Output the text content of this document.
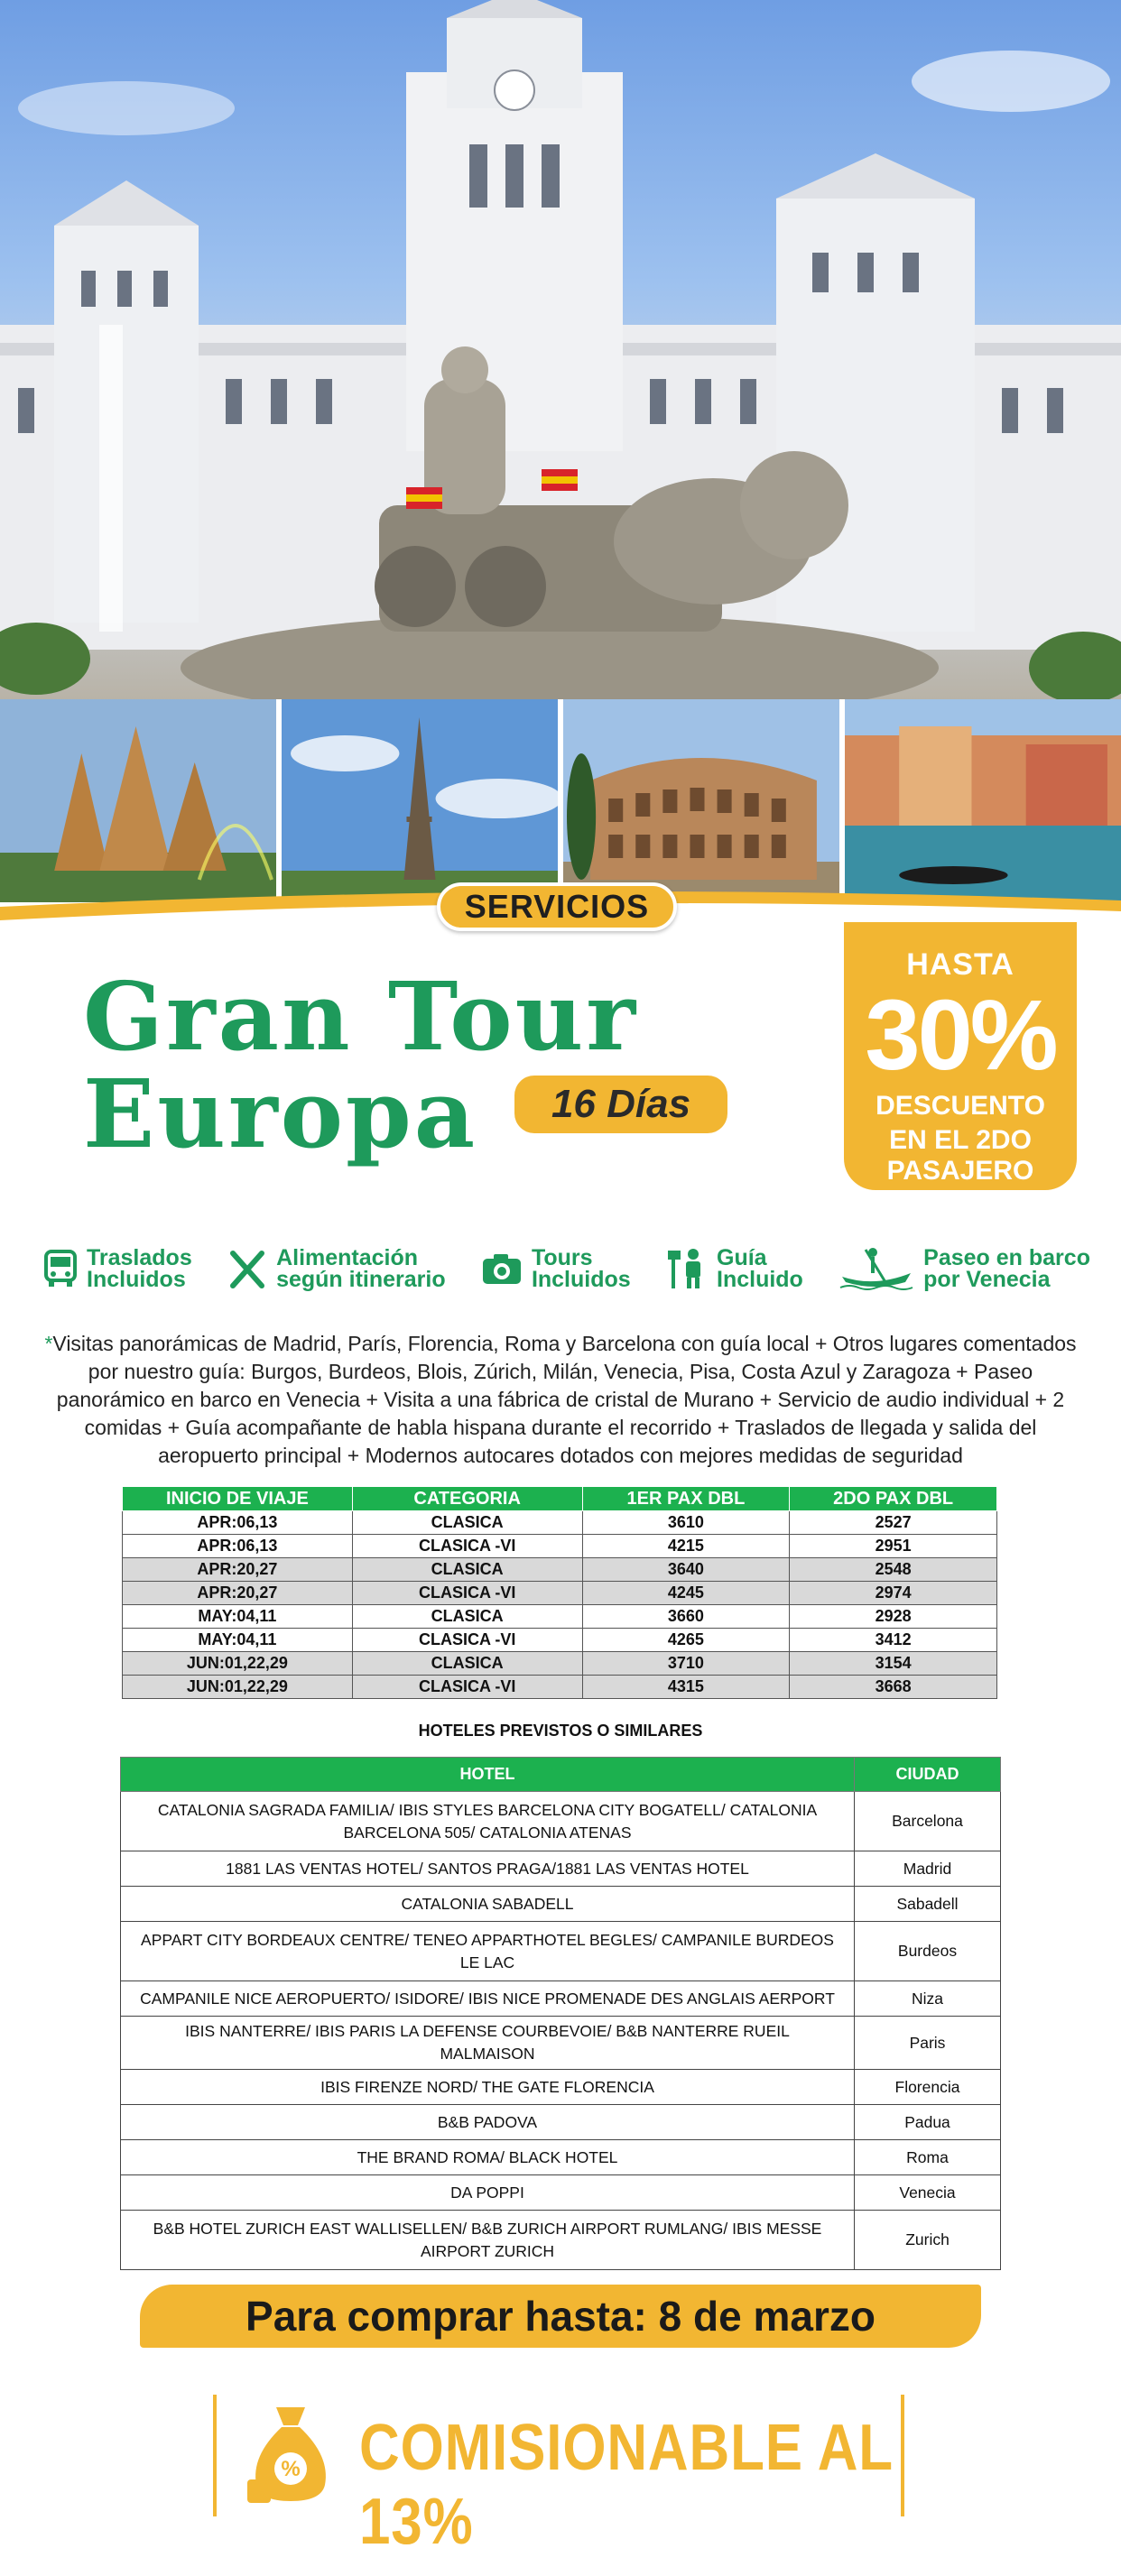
SERVICIOS
Gran Tour
Europa	16 Días
HASTA
30%
DESCUENTO
EN EL 2DO PASAJERO
Traslados
Incluidos
Alimentación
según itinerario
Tours
Incluidos
Guía
Incluido
Paseo en barco
por Venecia

*Visitas panorámicas de Madrid, París, Florencia, Roma y Barcelona con guía local + Otros lugares comentados por nuestro guía: Burgos, Burdeos, Blois, Zúrich, Milán, Venecia, Pisa, Costa Azul y Zaragoza + Paseo panorámico en barco en Venecia + Visita a una fábrica de cristal de Murano + Servicio de audio individual + 2 comidas + Guía acompañante de habla hispana durante el recorrido + Traslados de llegada y salida del aeropuerto principal + Modernos autocares dotados con mejores medidas de seguridad

INICIO DE VIAJE	CATEGORIA	1ER PAX DBL	2DO PAX DBL
APR:06,13	CLASICA	3610	2527
APR:06,13	CLASICA -VI	4215	2951
APR:20,27	CLASICA	3640	2548
APR:20,27	CLASICA -VI	4245	2974
MAY:04,11	CLASICA	3660	2928
MAY:04,11	CLASICA -VI	4265	3412
JUN:01,22,29	CLASICA	3710	3154
JUN:01,22,29	CLASICA -VI	4315	3668
HOTELES PREVISTOS O SIMILARES
HOTEL	CIUDAD
CATALONIA SAGRADA FAMILIA/ IBIS STYLES BARCELONA CITY BOGATELL/ CATALONIA BARCELONA 505/ CATALONIA ATENAS	Barcelona
1881 LAS VENTAS HOTEL/ SANTOS PRAGA/1881 LAS VENTAS HOTEL	Madrid
CATALONIA SABADELL	Sabadell
APPART CITY BORDEAUX CENTRE/ TENEO APPARTHOTEL BEGLES/ CAMPANILE BURDEOS LE LAC	Burdeos
CAMPANILE NICE AEROPUERTO/ ISIDORE/ IBIS NICE PROMENADE DES ANGLAIS AERPORT	Niza
IBIS NANTERRE/ IBIS PARIS LA DEFENSE COURBEVOIE/ B&B NANTERRE RUEIL MALMAISON	Paris
IBIS FIRENZE NORD/ THE GATE FLORENCIA	Florencia
B&B PADOVA	Padua
THE BRAND ROMA/ BLACK HOTEL	Roma
DA POPPI	Venecia
B&B HOTEL ZURICH EAST WALLISELLEN/ B&B ZURICH AIRPORT RUMLANG/ IBIS MESSE AIRPORT ZURICH	Zurich
Para comprar hasta: 8 de marzo
% COMISIONABLE AL 13%
